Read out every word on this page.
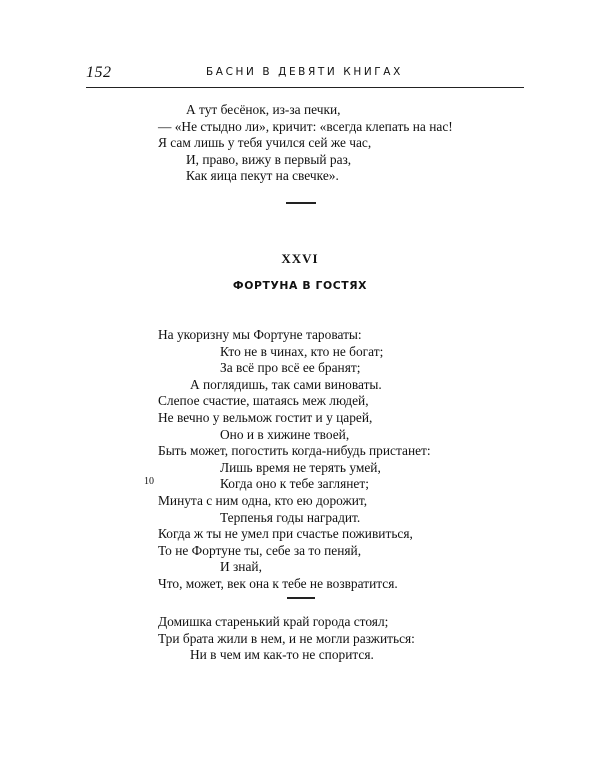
152	БАСНИ В ДЕВЯТИ КНИГАХ
А тут бесёнок, из-за печки,
— «Не стыдно ли», кричит: «всегда клепать на нас!
Я сам лишь у тебя учился сей же час,
И, право, вижу в первый раз,
Как яица пекут на свечке».
XXVI
ФОРТУНА В ГОСТЯХ
На укоризну мы Фортуне тароваты:
Кто не в чинах, кто не богат;
За всё про всё ее бранят;
А поглядишь, так сами виноваты.
Слепое счастие, шатаясь меж людей,
Не вечно у вельмож гостит и у царей,
Оно и в хижине твоей,
Быть может, погостить когда-нибудь пристанет:
Лишь время не терять умей,
Когда оно к тебе заглянет;
Минута с ним одна, кто ею дорожит,
Терпенья годы наградит.
Когда ж ты не умел при счастье поживиться,
То не Фортуне ты, себе за то пеняй,
И знай,
Что, может, век она к тебе не возвратится.
10
Домишка старенький край города стоял;
Три брата жили в нем, и не могли разжиться:
Ни в чем им как-то не спорится.
